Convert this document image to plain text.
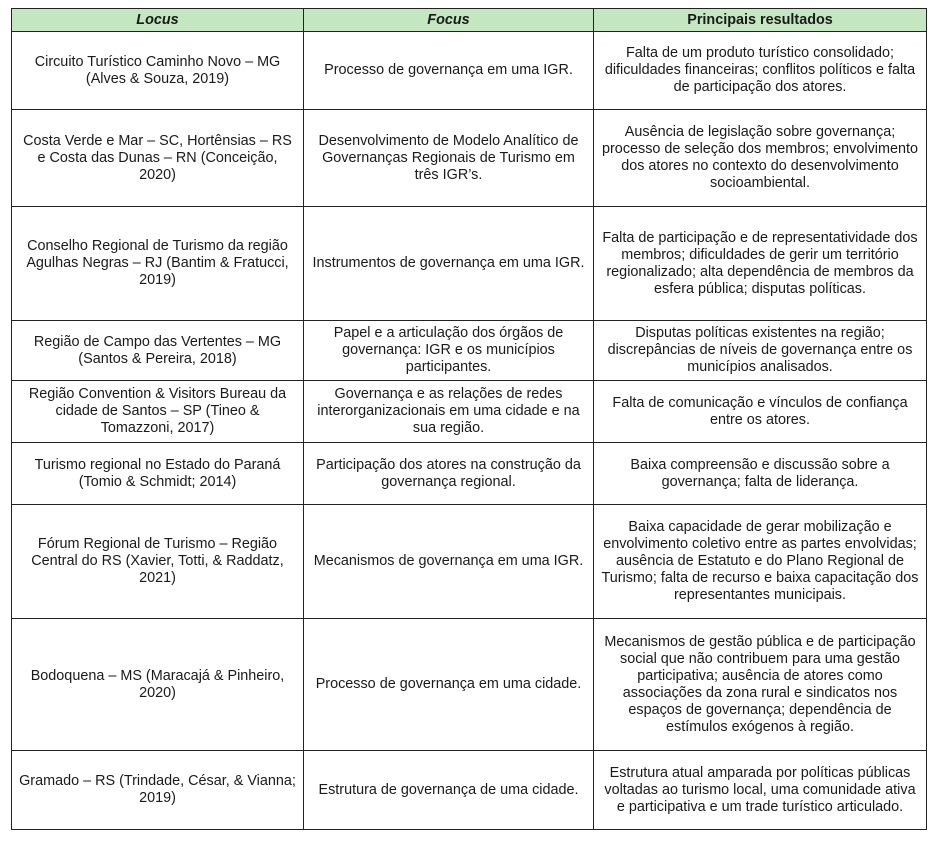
Locus	Focus	Principais resultados
Circuito Turístico Caminho Novo – MG (Alves & Souza, 2019)	Processo de governança em uma IGR.	Falta de um produto turístico consolidado; dificuldades financeiras; conflitos políticos e falta de participação dos atores.
Costa Verde e Mar – SC, Hortênsias – RS e Costa das Dunas – RN (Conceição, 2020)	Desenvolvimento de Modelo Analítico de Governanças Regionais de Turismo em três IGR’s.	Ausência de legislação sobre governança; processo de seleção dos membros; envolvimento dos atores no contexto do desenvolvimento socioambiental.
Conselho Regional de Turismo da região Agulhas Negras – RJ (Bantim & Fratucci, 2019)	Instrumentos de governança em uma IGR.	Falta de participação e de representatividade dos membros; dificuldades de gerir um território regionalizado; alta dependência de membros da esfera pública; disputas políticas.
Região de Campo das Vertentes – MG (Santos & Pereira, 2018)	Papel e a articulação dos órgãos de governança: IGR e os municípios participantes.	Disputas políticas existentes na região; discrepâncias de níveis de governança entre os municípios analisados.
Região Convention & Visitors Bureau da cidade de Santos – SP (Tineo & Tomazzoni, 2017)	Governança e as relações de redes interorganizacionais em uma cidade e na sua região.	Falta de comunicação e vínculos de confiança entre os atores.
Turismo regional no Estado do Paraná (Tomio & Schmidt; 2014)	Participação dos atores na construção da governança regional.	Baixa compreensão e discussão sobre a governança; falta de liderança.
Fórum Regional de Turismo – Região Central do RS (Xavier, Totti, & Raddatz, 2021)	Mecanismos de governança em uma IGR.	Baixa capacidade de gerar mobilização e envolvimento coletivo entre as partes envolvidas; ausência de Estatuto e do Plano Regional de Turismo; falta de recurso e baixa capacitação dos representantes municipais.
Bodoquena – MS (Maracajá & Pinheiro, 2020)	Processo de governança em uma cidade.	Mecanismos de gestão pública e de participação social que não contribuem para uma gestão participativa; ausência de atores como associações da zona rural e sindicatos nos espaços de governança; dependência de estímulos exógenos à região.
Gramado – RS (Trindade, César, & Vianna; 2019)	Estrutura de governança de uma cidade.	Estrutura atual amparada por políticas públicas voltadas ao turismo local, uma comunidade ativa e participativa e um trade turístico articulado.
